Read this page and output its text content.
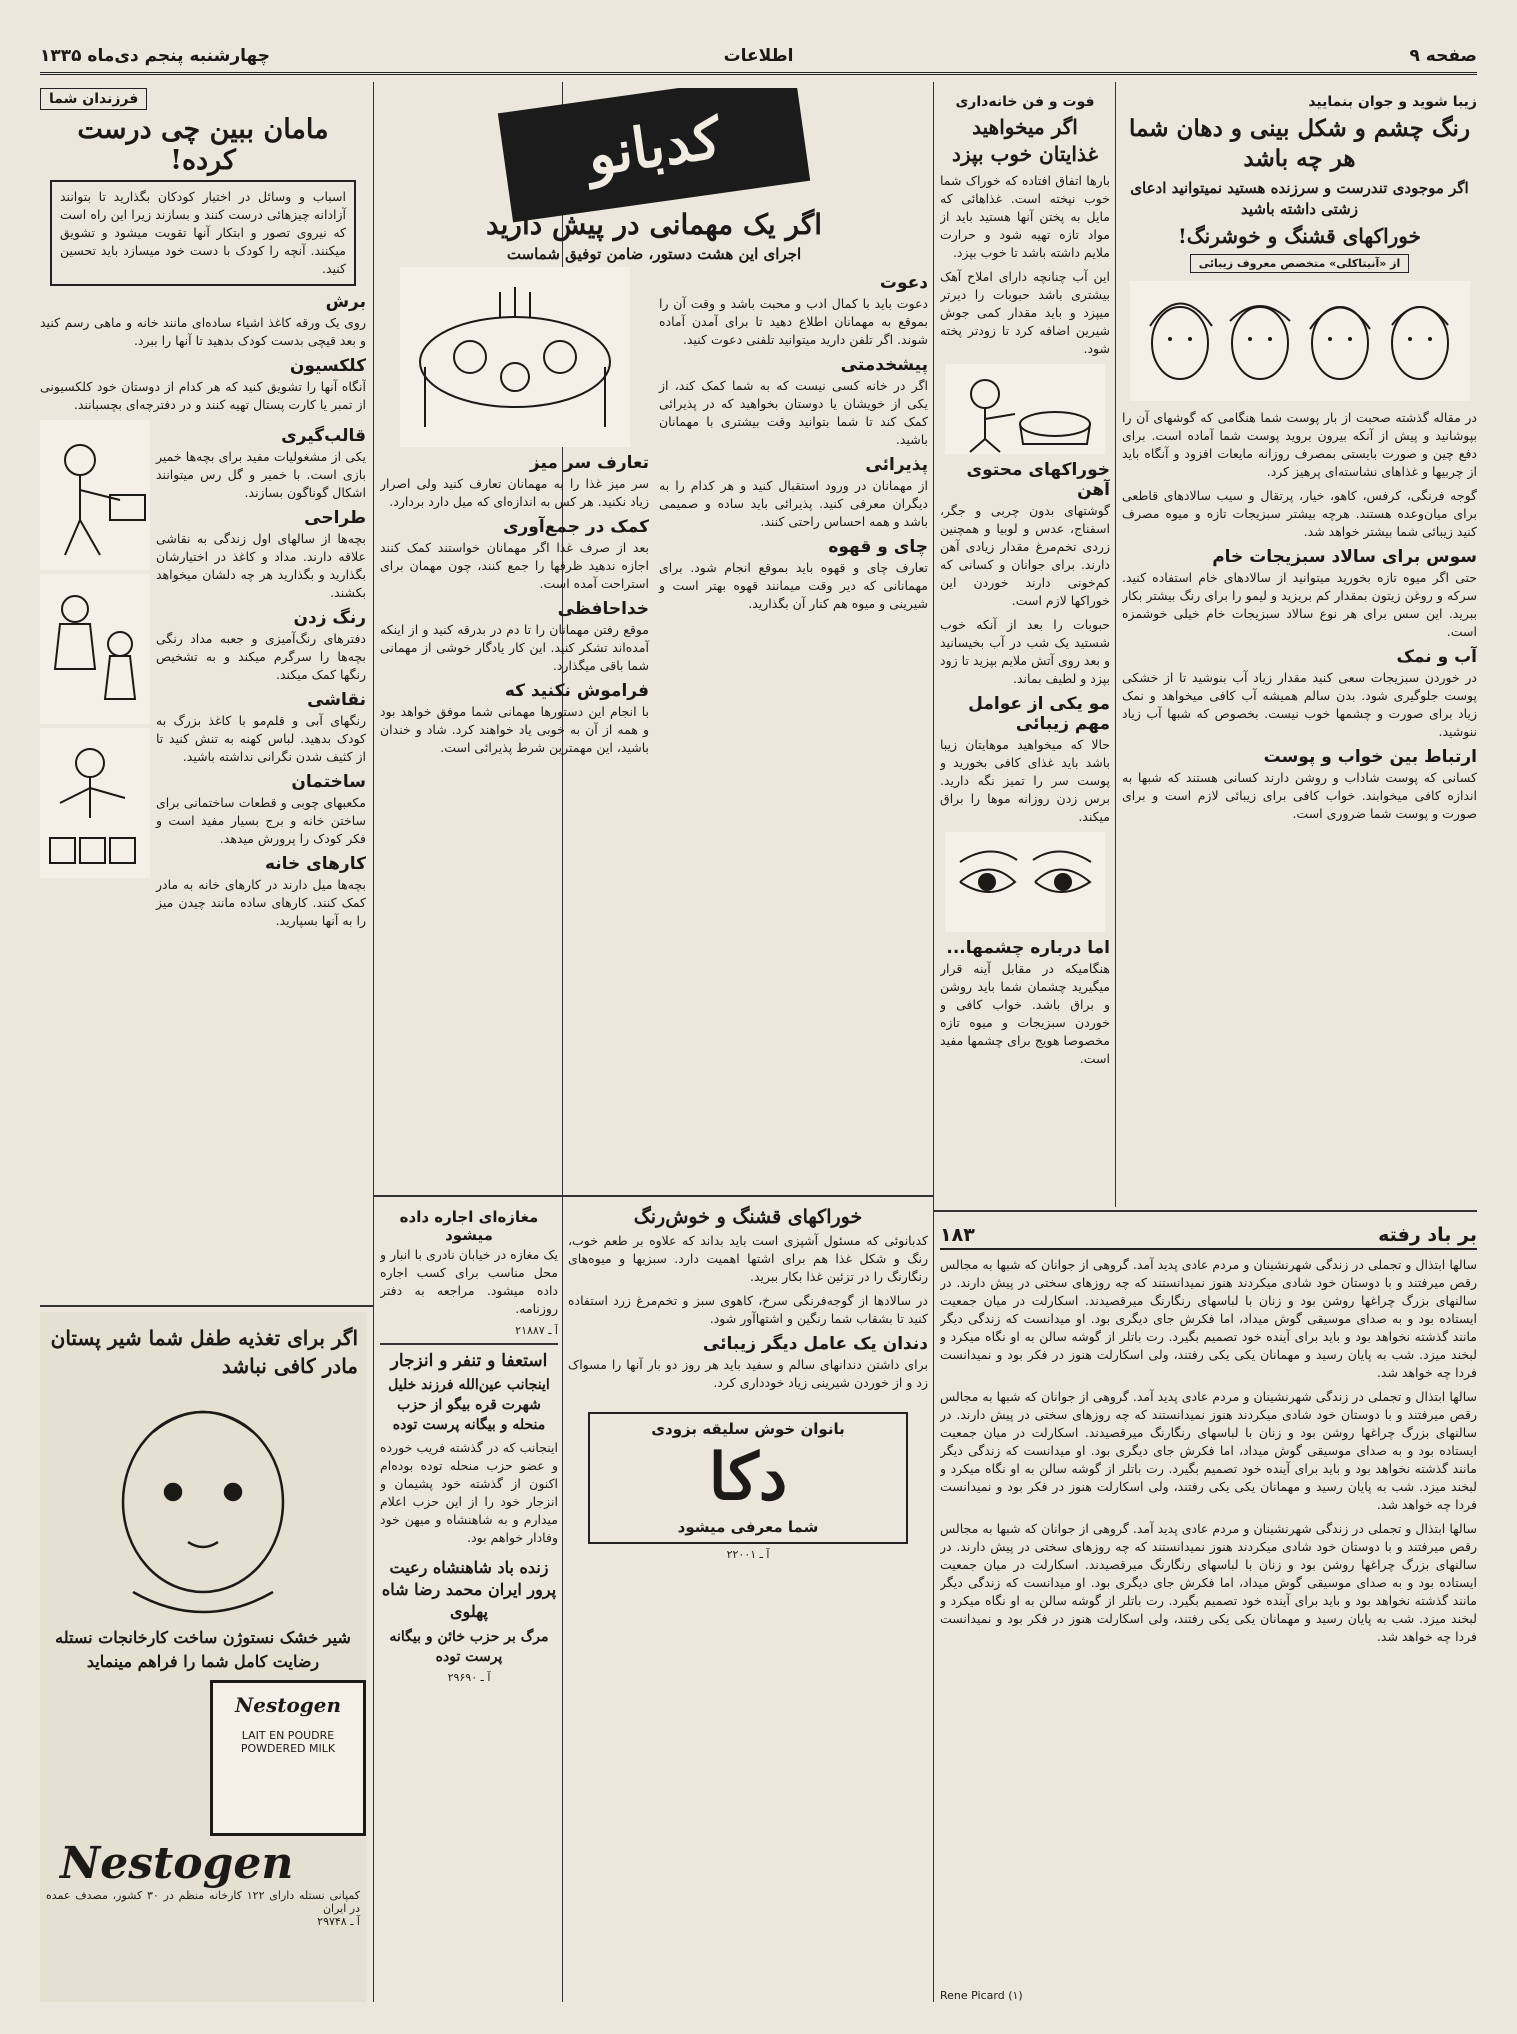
صفحه ۹
اطلاعات
چهارشنبه پنجم دی‌ماه ۱۳۳۵
زیبا شوید و جوان بنمایید
رنگ چشم و شکل بینی و دهان شما هر چه باشد
اگر موجودی تندرست و سرزنده هستید نمیتوانید ادعای زشتی داشته باشید
خوراکهای قشنگ و خوشرنگ!
از «آنیتاکلی» متخصص معروف زیبائی

در مقاله گذشته صحبت از بار پوست شما هنگامی که گوشهای آن را بپوشانید و پیش از آنکه بیرون بروید پوست شما آماده است. برای دفع چین و صورت بایستی بمصرف روزانه مایعات افزود و آنگاه باید از چربیها و غذاهای نشاسته‌ای پرهیز کرد.

گوجه فرنگی، کرفس، کاهو، خیار، پرتقال و سیب سالادهای قاطعی برای میان‌وعده هستند. هرچه بیشتر سبزیجات تازه و میوه مصرف کنید زیبائی شما بیشتر خواهد شد.

سوس برای سالاد سبزیجات خام

حتی اگر میوه تازه بخورید میتوانید از سالادهای خام استفاده کنید. سرکه و روغن زیتون بمقدار کم بریزید و لیمو را برای رنگ بیشتر بکار ببرید. این سس برای هر نوع سالاد سبزیجات خام خیلی خوشمزه است.

آب و نمک

در خوردن سبزیجات سعی کنید مقدار زیاد آب بنوشید تا از خشکی پوست جلوگیری شود. بدن سالم همیشه آب کافی میخواهد و نمک زیاد برای صورت و چشمها خوب نیست. بخصوص که شبها آب زیاد ننوشید.

ارتباط بین خواب و پوست

کسانی که پوست شاداب و روشن دارند کسانی هستند که شبها به اندازه کافی میخوابند. خواب کافی برای زیبائی لازم است و برای صورت و پوست شما ضروری است.

فوت و فن خانه‌داری
اگر میخواهید غذایتان خوب بپزد

بارها اتفاق افتاده که خوراک شما خوب نپخته است. غذاهائی که مایل به پختن آنها هستید باید از مواد تازه تهیه شود و حرارت ملایم داشته باشد تا خوب بپزد.

این آب چنانچه دارای املاح آهک بیشتری باشد حبوبات را دیرتر میپزد و باید مقدار کمی جوش شیرین اضافه کرد تا زودتر پخته شود.

خوراکهای محتوی آهن

گوشتهای بدون چربی و جگر، اسفناج، عدس و لوبیا و همچنین زردی تخم‌مرغ مقدار زیادی آهن دارند. برای جوانان و کسانی که کم‌خونی دارند خوردن این خوراکها لازم است.

حبوبات را بعد از آنکه خوب شستید یک شب در آب بخیسانید و بعد روی آتش ملایم بپزید تا زود بپزد و لطیف بماند.

مو یکی از عوامل مهم زیبائی

حالا که میخواهید موهایتان زیبا باشد باید غذای کافی بخورید و پوست سر را تمیز نگه دارید. برس زدن روزانه موها را براق میکند.

اما درباره چشمها...

هنگامیکه در مقابل آینه قرار میگیرید چشمان شما باید روشن و براق باشد. خواب کافی و خوردن سبزیجات و میوه تازه مخصوصا هویج برای چشمها مفید است.

کدبانو
اگر یک مهمانی در پیش دارید
اجرای این هشت دستور، ضامن توفیق شماست
دعوت

دعوت باید با کمال ادب و محبت باشد و وقت آن را بموقع به مهمانان اطلاع دهید تا برای آمدن آماده شوند. اگر تلفن دارید میتوانید تلفنی دعوت کنید.

پیشخدمتی

اگر در خانه کسی نیست که به شما کمک کند، از یکی از خویشان یا دوستان بخواهید که در پذیرائی کمک کند تا شما بتوانید وقت بیشتری با مهمانان باشید.

پذیرائی

از مهمانان در ورود استقبال کنید و هر کدام را به دیگران معرفی کنید. پذیرائی باید ساده و صمیمی باشد و همه احساس راحتی کنند.

چای و قهوه

تعارف چای و قهوه باید بموقع انجام شود. برای مهمانانی که دیر وقت میمانند قهوه بهتر است و شیرینی و میوه هم کنار آن بگذارید.

تعارف سر میز

سر میز غذا را به مهمانان تعارف کنید ولی اصرار زیاد نکنید. هر کس به اندازه‌ای که میل دارد بردارد.

کمک در جمع‌آوری

بعد از صرف غذا اگر مهمانان خواستند کمک کنند اجازه ندهید ظرفها را جمع کنند، چون مهمان برای استراحت آمده است.

خداحافظی

موقع رفتن مهمانان را تا دم در بدرقه کنید و از اینکه آمده‌اند تشکر کنید. این کار یادگار خوشی از مهمانی شما باقی میگذارد.

فراموش نکنید که

با انجام این دستورها مهمانی شما موفق خواهد بود و همه از آن به خوبی یاد خواهند کرد. شاد و خندان باشید، این مهمترین شرط پذیرائی است.

خوراکهای قشنگ و خوش‌رنگ

کدبانوئی که مسئول آشپزی است باید بداند که علاوه بر طعم خوب، رنگ و شکل غذا هم برای اشتها اهمیت دارد. سبزیها و میوه‌های رنگارنگ را در تزئین غذا بکار ببرید.

در سالادها از گوجه‌فرنگی سرخ، کاهوی سبز و تخم‌مرغ زرد استفاده کنید تا بشقاب شما رنگین و اشتهاآور شود.

دندان یک عامل دیگر زیبائی

برای داشتن دندانهای سالم و سفید باید هر روز دو بار آنها را مسواک زد و از خوردن شیرینی زیاد خودداری کرد.

بانوان خوش سلیقه بزودی
دکا
شما معرفی میشود
آ ـ ۲۲۰۰۱
مغازه‌ای اجاره داده میشود

یک مغازه در خیابان نادری با انبار و محل مناسب برای کسب اجاره داده میشود. مراجعه به دفتر روزنامه.

آ ـ ۲۱۸۸۷
استعفا و تنفر و انزجار
اینجانب عین‌الله فرزند خلیل شهرت قره بیگو از حزب منحله و بیگانه پرست توده

اینجانب که در گذشته فریب خورده و عضو حزب منحله توده بوده‌ام اکنون از گذشته خود پشیمان و انزجار خود را از این حزب اعلام میدارم و به شاهنشاه و میهن خود وفادار خواهم بود.

زنده باد شاهنشاه رعیت پرور ایران محمد رضا شاه پهلوی
مرگ بر حزب خائن و بیگانه پرست توده
آ ـ ۲۹۶۹۰
بر باد رفته
۱۸۳

سالها ابتذال و تجملی در زندگی شهرنشینان و مردم عادی پدید آمد. گروهی از جوانان که شبها به مجالس رقص میرفتند و با دوستان خود شادی میکردند هنوز نمیدانستند که چه روزهای سختی در پیش دارند. در سالنهای بزرگ چراغها روشن بود و زنان با لباسهای رنگارنگ میرقصیدند. اسکارلت در میان جمعیت ایستاده بود و به صدای موسیقی گوش میداد، اما فکرش جای دیگری بود. او میدانست که زندگی دیگر مانند گذشته نخواهد بود و باید برای آینده خود تصمیم بگیرد. رت باتلر از گوشه سالن به او نگاه میکرد و لبخند میزد. شب به پایان رسید و مهمانان یکی یکی رفتند، ولی اسکارلت هنوز در فکر بود و نمیدانست فردا چه خواهد شد.

سالها ابتذال و تجملی در زندگی شهرنشینان و مردم عادی پدید آمد. گروهی از جوانان که شبها به مجالس رقص میرفتند و با دوستان خود شادی میکردند هنوز نمیدانستند که چه روزهای سختی در پیش دارند. در سالنهای بزرگ چراغها روشن بود و زنان با لباسهای رنگارنگ میرقصیدند. اسکارلت در میان جمعیت ایستاده بود و به صدای موسیقی گوش میداد، اما فکرش جای دیگری بود. او میدانست که زندگی دیگر مانند گذشته نخواهد بود و باید برای آینده خود تصمیم بگیرد. رت باتلر از گوشه سالن به او نگاه میکرد و لبخند میزد. شب به پایان رسید و مهمانان یکی یکی رفتند، ولی اسکارلت هنوز در فکر بود و نمیدانست فردا چه خواهد شد.

سالها ابتذال و تجملی در زندگی شهرنشینان و مردم عادی پدید آمد. گروهی از جوانان که شبها به مجالس رقص میرفتند و با دوستان خود شادی میکردند هنوز نمیدانستند که چه روزهای سختی در پیش دارند. در سالنهای بزرگ چراغها روشن بود و زنان با لباسهای رنگارنگ میرقصیدند. اسکارلت در میان جمعیت ایستاده بود و به صدای موسیقی گوش میداد، اما فکرش جای دیگری بود. او میدانست که زندگی دیگر مانند گذشته نخواهد بود و باید برای آینده خود تصمیم بگیرد. رت باتلر از گوشه سالن به او نگاه میکرد و لبخند میزد. شب به پایان رسید و مهمانان یکی یکی رفتند، ولی اسکارلت هنوز در فکر بود و نمیدانست فردا چه خواهد شد.

Rene Picard (۱)
فرزندان شما
مامان ببین چی درست کرده!

اسباب و وسائل در اختیار کودکان بگذارید تا بتوانند آزادانه چیزهائی درست کنند و بسازند زیرا این راه است که نیروی تصور و ابتکار آنها تقویت میشود و تشویق میکنند. آنچه را کودک با دست خود میسازد باید تحسین کنید.

برش

روی یک ورقه کاغذ اشیاء ساده‌ای مانند خانه و ماهی رسم کنید و بعد قیچی بدست کودک بدهید تا آنها را ببرد.

کلکسیون

آنگاه آنها را تشویق کنید که هر کدام از دوستان خود کلکسیونی از تمبر یا کارت پستال تهیه کنند و در دفترچه‌ای بچسبانند.

قالب‌گیری

یکی از مشغولیات مفید برای بچه‌ها خمیر بازی است. با خمیر و گل رس میتوانند اشکال گوناگون بسازند.

طراحی

بچه‌ها از سالهای اول زندگی به نقاشی علاقه دارند. مداد و کاغذ در اختیارشان بگذارید و بگذارید هر چه دلشان میخواهد بکشند.

رنگ زدن

دفترهای رنگ‌آمیزی و جعبه مداد رنگی بچه‌ها را سرگرم میکند و به تشخیص رنگها کمک میکند.

نقاشی

رنگهای آبی و قلم‌مو با کاغذ بزرگ به کودک بدهید. لباس کهنه به تنش کنید تا از کثیف شدن نگرانی نداشته باشید.

ساختمان

مکعبهای چوبی و قطعات ساختمانی برای ساختن خانه و برج بسیار مفید است و فکر کودک را پرورش میدهد.

کارهای خانه

بچه‌ها میل دارند در کارهای خانه به مادر کمک کنند. کارهای ساده مانند چیدن میز را به آنها بسپارید.

اگر برای تغذیه طفل شما شیر پستان مادر کافی نباشد
شیر خشک نستوژن ساخت کارخانجات نستله رضایت کامل شما را فراهم مینماید
Nestogen
LAIT EN POUDRE
POWDERED MILK
Nestogen
کمپانی نستله دارای ۱۲۲ کارخانه منظم در ۳۰ کشور، مصدف عمده در ایران
آ ـ ۲۹۷۴۸
